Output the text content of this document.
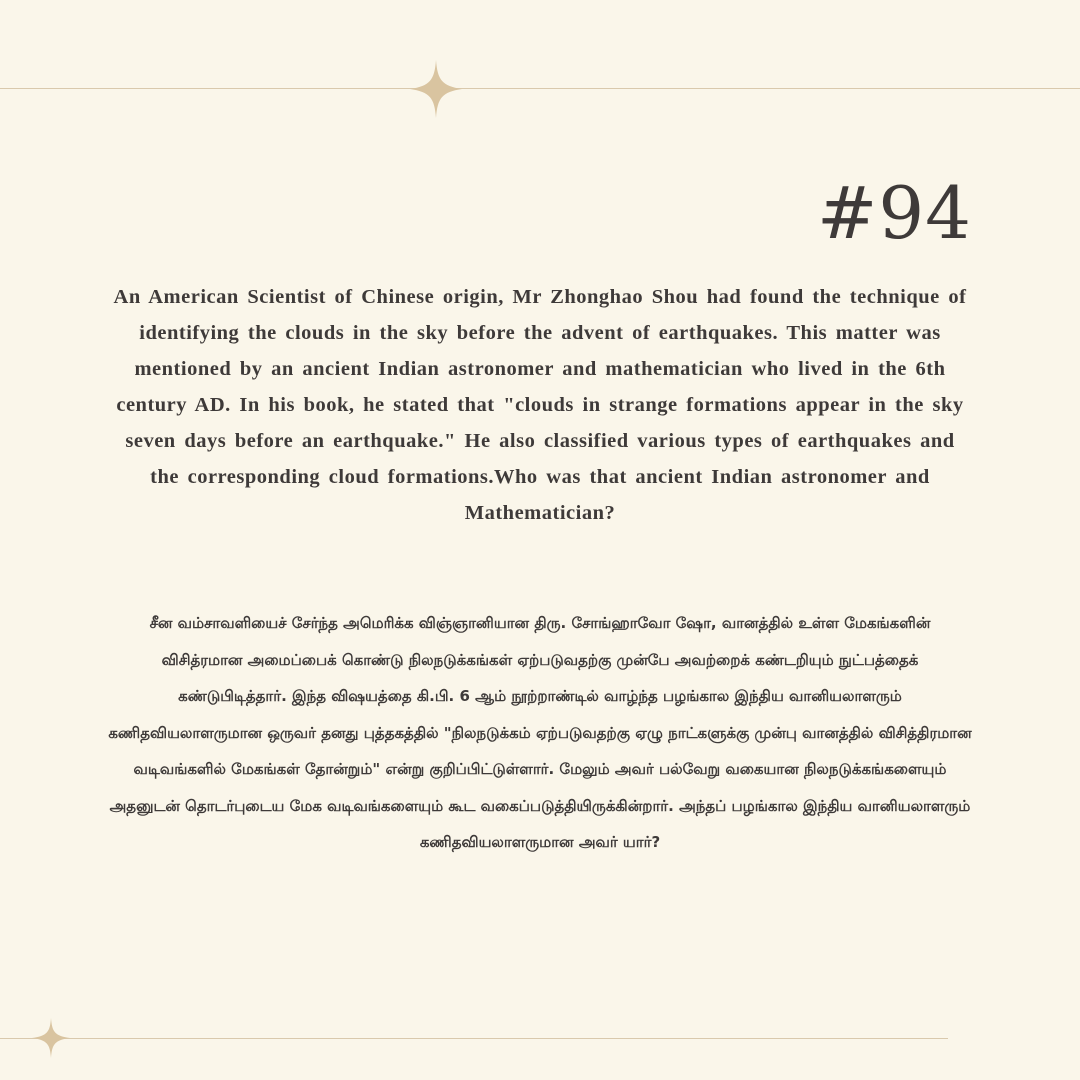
#94

An American Scientist of Chinese origin, Mr Zhonghao Shou had found the technique of identifying the clouds in the sky before the advent of earthquakes. This matter was mentioned by an ancient Indian astronomer and mathematician who lived in the 6th century AD. In his book, he stated that "clouds in strange formations appear in the sky seven days before an earthquake." He also classified various types of earthquakes and the corresponding cloud formations.Who was that ancient Indian astronomer and Mathematician?

சீன வம்சாவளியைச் சேர்ந்த அமெரிக்க விஞ்ஞானியான திரு. சோங்ஹாவோ ஷோ, வானத்தில் உள்ள மேகங்களின் விசித்ரமான அமைப்பைக் கொண்டு நிலநடுக்கங்கள் ஏற்படுவதற்கு முன்பே அவற்றைக் கண்டறியும் நுட்பத்தைக் கண்டுபிடித்தார். இந்த விஷயத்தை கி.பி. 6 ஆம் நூற்றாண்டில் வாழ்ந்த பழங்கால இந்திய வானியலாளரும் கணிதவியலாளருமான ஒருவர் தனது புத்தகத்தில் "நிலநடுக்கம் ஏற்படுவதற்கு ஏழு நாட்களுக்கு முன்பு வானத்தில் விசித்திரமான வடிவங்களில் மேகங்கள் தோன்றும்" என்று குறிப்பிட்டுள்ளார். மேலும் அவர் பல்வேறு வகையான நிலநடுக்கங்களையும் அதனுடன் தொடர்புடைய மேக வடிவங்களையும் கூட வகைப்படுத்தியிருக்கின்றார். அந்தப் பழங்கால இந்திய வானியலாளரும் கணிதவியலாளருமான அவர் யார்?
